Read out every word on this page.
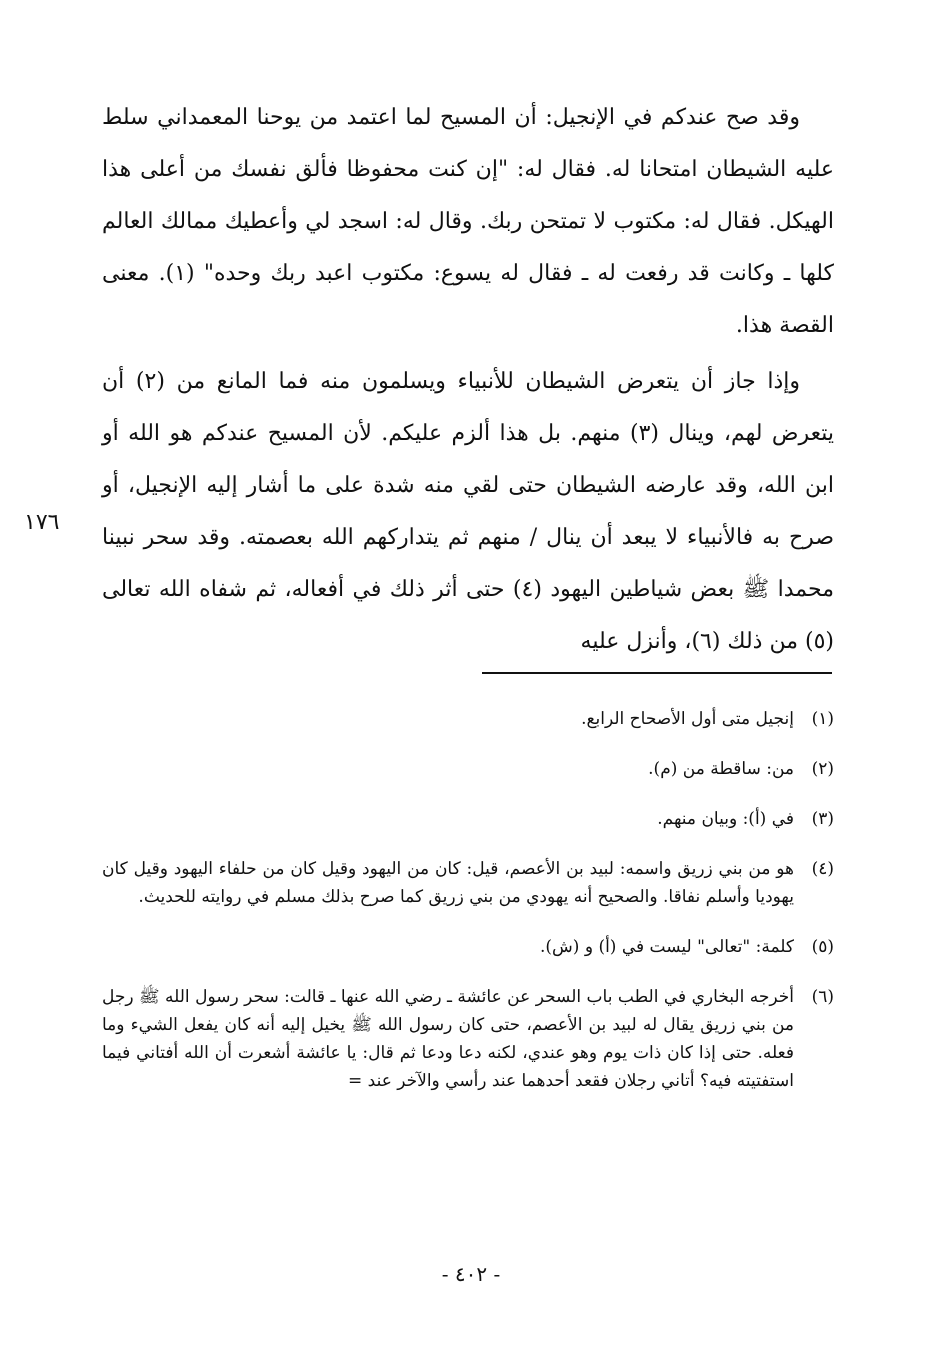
وقد صح عندكم في الإنجيل: أن المسيح لما اعتمد من يوحنا المعمداني سلط عليه الشيطان امتحانا له. فقال له: "إن كنت محفوظا فألق نفسك من أعلى هذا الهيكل. فقال له: مكتوب لا تمتحن ربك. وقال له: اسجد لي وأعطيك ممالك العالم كلها ـ وكانت قد رفعت له ـ فقال له يسوع: مكتوب اعبد ربك وحده" (١). معنى القصة هذا.

وإذا جاز أن يتعرض الشيطان للأنبياء ويسلمون منه فما المانع من (٢) أن يتعرض لهم، وينال (٣) منهم. بل هذا ألزم عليكم. لأن المسيح عندكم هو الله أو ابن الله، وقد عارضه الشيطان حتى لقي منه شدة على ما أشار إليه الإنجيل، أو صرح به فالأنبياء لا يبعد أن ينال / منهم ثم يتداركهم الله بعصمته. وقد سحر نبينا محمدا ﷺ بعض شياطين اليهود (٤) حتى أثر ذلك في أفعاله، ثم شفاه الله تعالى (٥) من ذلك (٦)، وأنزل عليه

١٧٦
(١)
إنجيل متى أول الأصحاح الرابع.
(٢)
من: ساقطة من (م).
(٣)
في (أ): وبيان منهم.
(٤)
هو من بني زريق واسمه: لبيد بن الأعصم، قيل: كان من اليهود وقيل كان من حلفاء اليهود وقيل كان يهوديا وأسلم نفاقا. والصحيح أنه يهودي من بني زريق كما صرح بذلك مسلم في روايته للحديث.
(٥)
كلمة: "تعالى" ليست في (أ) و (ش).
(٦)
أخرجه البخاري في الطب باب السحر عن عائشة ـ رضي الله عنها ـ قالت: سحر رسول الله ﷺ رجل من بني زريق يقال له لبيد بن الأعصم، حتى كان رسول الله ﷺ يخيل إليه أنه كان يفعل الشيء وما فعله. حتى إذا كان ذات يوم وهو عندي، لكنه دعا ودعا ثم قال: يا عائشة أشعرت أن الله أفتاني فيما استفتيته فيه؟ أتاني رجلان فقعد أحدهما عند رأسي والآخر عند =
- ٤٠٢ -
